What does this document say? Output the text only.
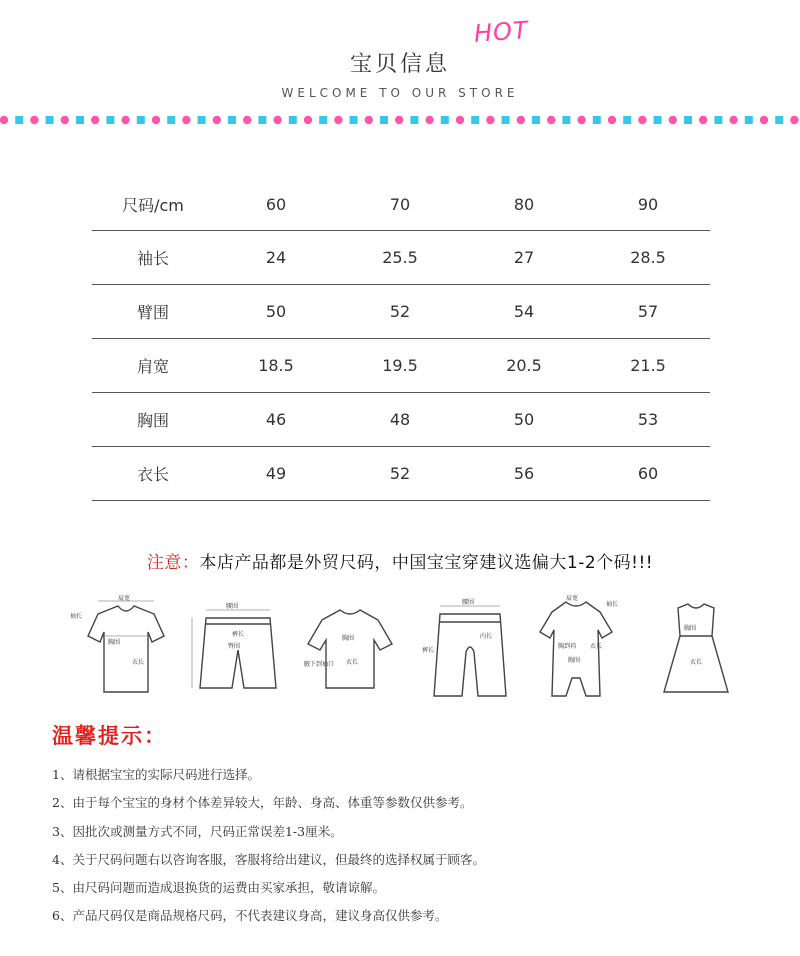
HOT
宝贝信息
WELCOME TO OUR STORE
尺码/cm	60	70	80	90
袖长	24	25.5	27	28.5
臂围	50	52	54	57
肩宽	18.5	19.5	20.5	21.5
胸围	46	48	50	53
衣长	49	52	56	60
注意：本店产品都是外贸尺码，中国宝宝穿建议选偏大1-2个码!!!
肩宽
袖长
胸围
衣长
腰围
臀围
裤长
胸围
腋下到袖口 衣长
腰围
内长
裤长
肩宽
袖长
胸到裆
胸围
衣长
胸围
衣长
温馨提示：
1、请根据宝宝的实际尺码进行选择。
2、由于每个宝宝的身材个体差异较大，年龄、身高、体重等参数仅供参考。
3、因批次或测量方式不同，尺码正常误差1-3厘米。
4、关于尺码问题右以咨询客服，客服将给出建议，但最终的选择权属于顾客。
5、由尺码问题而造成退换货的运费由买家承担，敬请谅解。
6、产品尺码仅是商品规格尺码，不代表建议身高，建议身高仅供参考。
